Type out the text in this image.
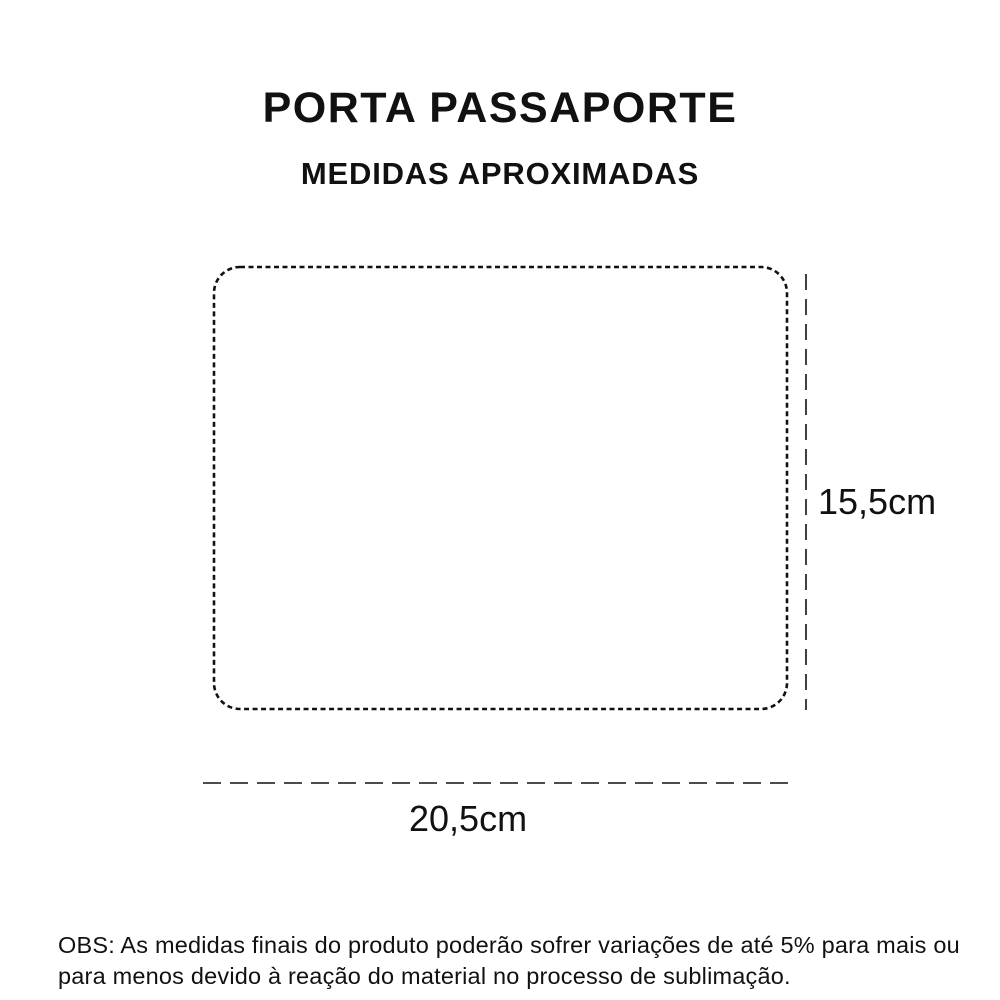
PORTA PASSAPORTE
MEDIDAS APROXIMADAS
15,5cm
20,5cm

OBS: As medidas finais do produto poderão sofrer variações de até 5% para mais ou para menos devido à reação do material no processo de sublimação.
